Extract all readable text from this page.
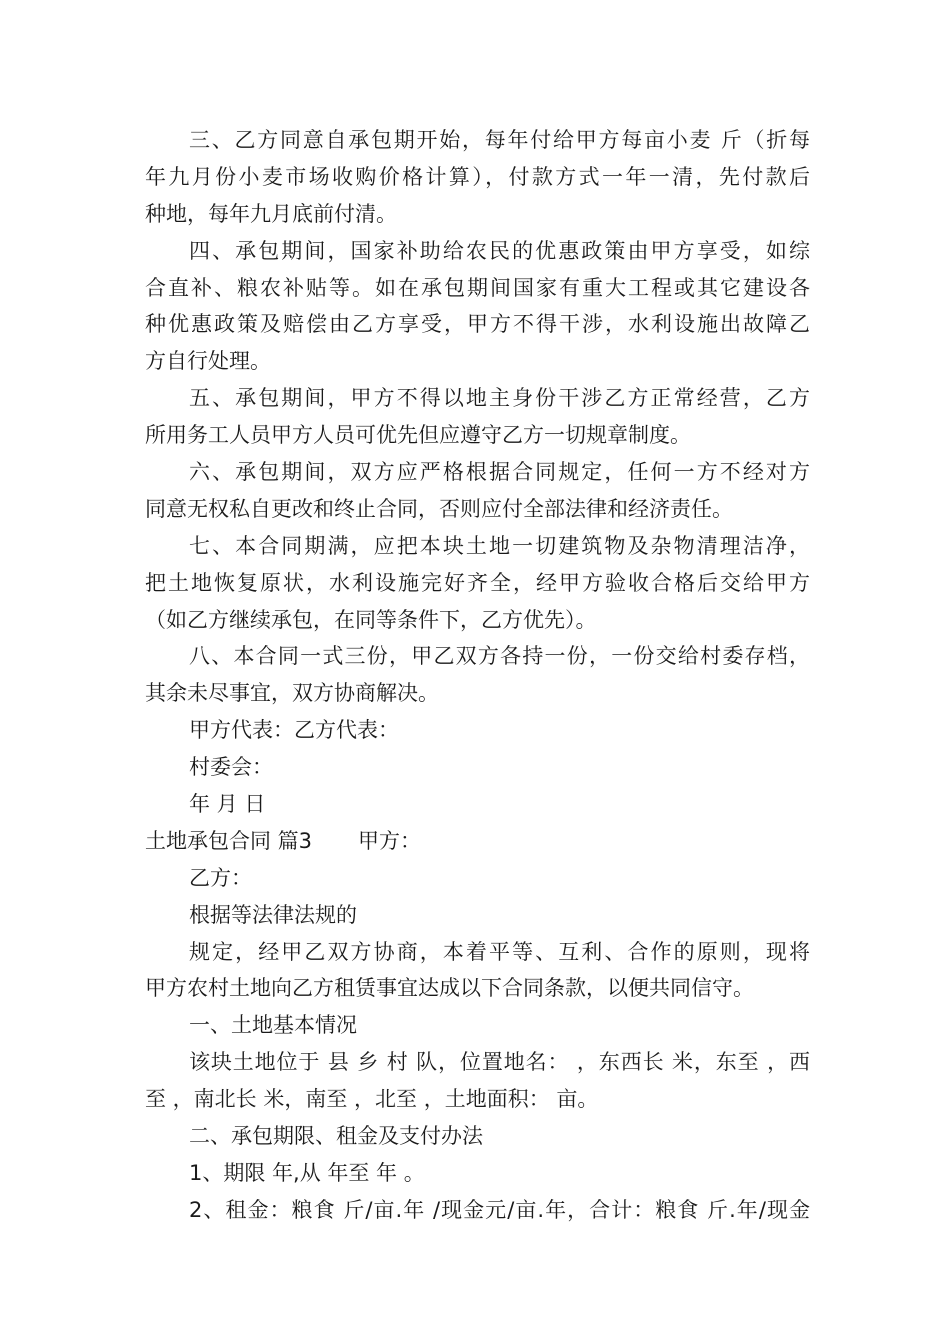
三、乙方同意自承包期开始，每年付给甲方每亩小麦 斤（折每
年九月份小麦市场收购价格计算），付款方式一年一清，先付款后
种地，每年九月底前付清。
四、承包期间，国家补助给农民的优惠政策由甲方享受，如综
合直补、粮农补贴等。如在承包期间国家有重大工程或其它建设各
种优惠政策及赔偿由乙方享受，甲方不得干涉，水利设施出故障乙
方自行处理。
五、承包期间，甲方不得以地主身份干涉乙方正常经营，乙方
所用务工人员甲方人员可优先但应遵守乙方一切规章制度。
六、承包期间，双方应严格根据合同规定，任何一方不经对方
同意无权私自更改和终止合同，否则应付全部法律和经济责任。
七、本合同期满，应把本块土地一切建筑物及杂物清理洁净，
把土地恢复原状，水利设施完好齐全，经甲方验收合格后交给甲方
（如乙方继续承包，在同等条件下，乙方优先）。
八、本合同一式三份，甲乙双方各持一份，一份交给村委存档，
其余未尽事宜，双方协商解决。
甲方代表：乙方代表：
村委会：
年 月 日
土地承包合同 篇3 甲方：
乙方：
根据等法律法规的
规定，经甲乙双方协商，本着平等、互利、合作的原则，现将
甲方农村土地向乙方租赁事宜达成以下合同条款，以便共同信守。
一、土地基本情况
该块土地位于 县 乡 村 队，位置地名： ，东西长 米，东至 ，西
至 ，南北长 米，南至 ，北至 ，土地面积： 亩。
二、承包期限、租金及支付办法
1、期限 年,从 年至 年 。
2、租金：粮食 斤/亩.年 /现金元/亩.年，合计：粮食 斤.年/现金
